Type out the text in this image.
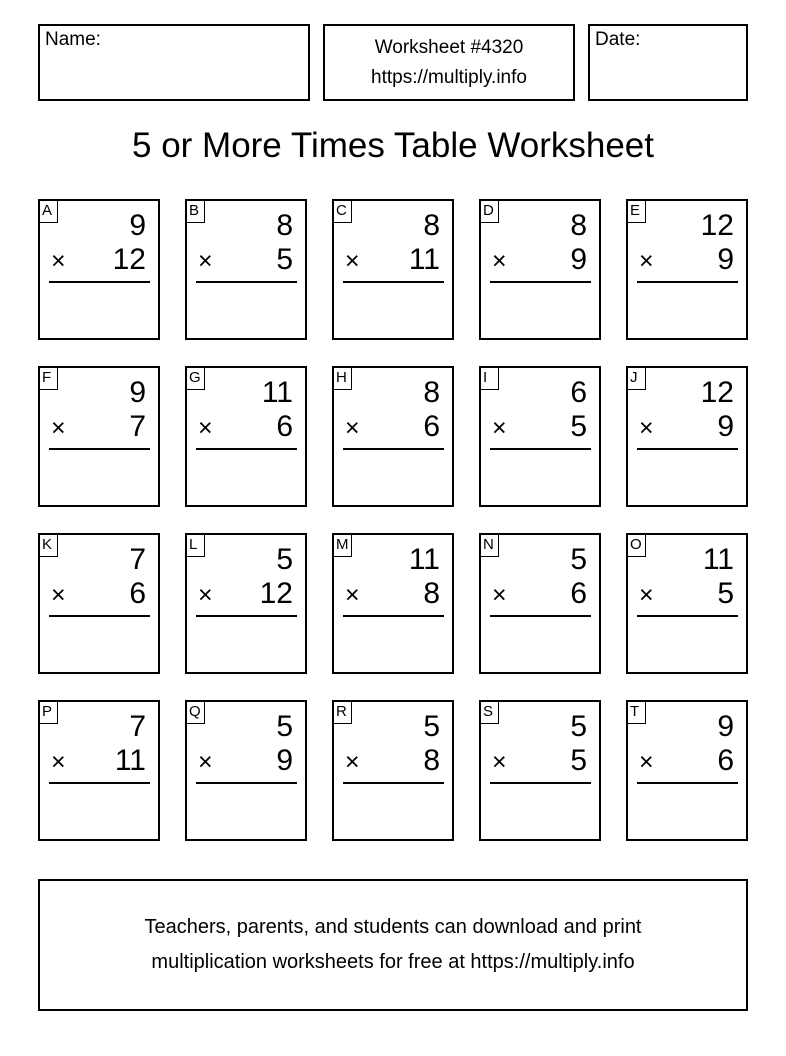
Name:	Worksheet #4320
https://multiply.info
Date:
5 or More Times Table Worksheet
A	9
× 12
B	8
× 5
C	8
× 11
D	8
× 9
E 12
× 9
F	9
× 7
G 11
× 6
H	8
× 6
I	6
× 5
J 12
× 9
K	7
× 6
L	5
× 12
M 11
× 8
N	5
× 6
O 11
× 5
P	7
× 11
Q	5
× 9
R	5
× 8
S	5
× 5
T	9
× 6
Teachers, parents, and students can download and print
multiplication worksheets for free at https://multiply.info
